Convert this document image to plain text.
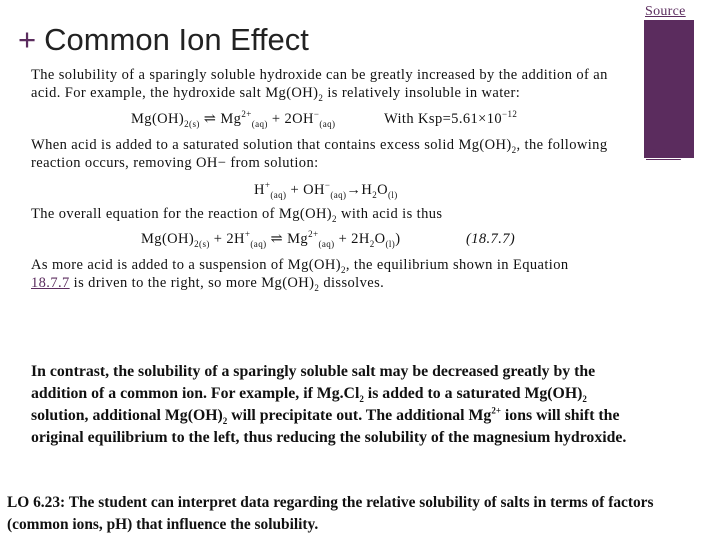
Source
Video
+ Common Ion Effect
The solubility of a sparingly soluble hydroxide can be greatly increased by the addition of an
acid. For example, the hydroxide salt $Mg(OH)_2$ is relatively insoluble in water:
$Mg(OH)_{2(s)}$ ⇌ $Mg^{2+}_{(aq)} + 2OH^-_{(aq)}$	With $Ksp=5.61\times 10^{-12}$
When acid is added to a saturated solution that contains excess solid $Mg(OH)_2$, the following
reaction occurs, removing OH− from solution:
$H^+_{(aq)} + OH^-_{(aq)}\to H_2O_{(l)}$
The overall equation for the reaction of $Mg(OH)_2$ with acid is thus
$Mg(OH)_{2(s)} + 2H^+_{(aq)}$ ⇌ $Mg^{2+}_{(aq)} + 2H_2O_{(l)}$)	(18.7.7)
As more acid is added to a suspension of $Mg(OH)_2$, the equilibrium shown in Equation
18.7.7 is driven to the right, so more $Mg(OH)_2$ dissolves.
In contrast, the solubility of a sparingly soluble salt may be decreased greatly by the
addition of a common ion. For example, if $Mg.Cl_2$ is added to a saturated $Mg(OH)_2$
solution, additional $Mg(OH)_2$ will precipitate out. The additional $Mg^{2+}$ ions will shift the
original equilibrium to the left, thus reducing the solubility of the magnesium hydroxide.
LO 6.23: The student can interpret data regarding the relative solubility of salts in terms of factors
(common ions, pH) that influence the solubility.
